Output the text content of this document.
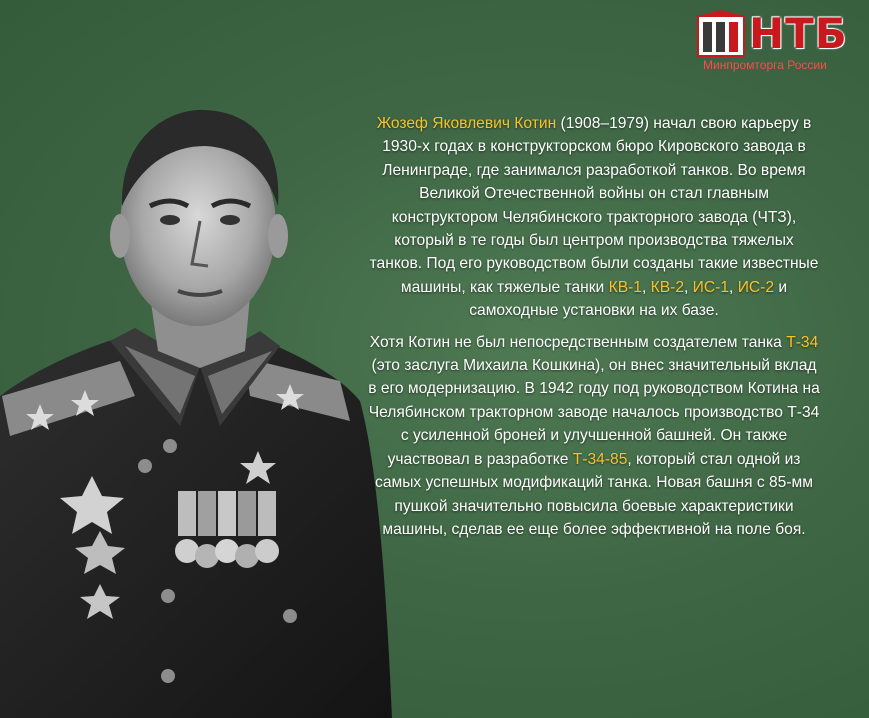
НТБ
Минпромторга России

Жозеф Яковлевич Котин (1908–1979) начал свою карьеру в 1930-х годах в конструкторском бюро Кировского завода в Ленинграде, где занимался разработкой танков. Во время Великой Отечественной войны он стал главным конструктором Челябинского тракторного завода (ЧТЗ), который в те годы был центром производства тяжелых танков. Под его руководством были созданы такие известные машины, как тяжелые танки КВ-1, КВ-2, ИС-1, ИС-2 и самоходные установки на их базе.

Хотя Котин не был непосредственным создателем танка Т-34 (это заслуга Михаила Кошкина), он внес значительный вклад в его модернизацию. В 1942 году под руководством Котина на Челябинском тракторном заводе началось производство Т-34 с усиленной броней и улучшенной башней. Он также участвовал в разработке Т-34-85, который стал одной из самых успешных модификаций танка. Новая башня с 85-мм пушкой значительно повысила боевые характеристики машины, сделав ее еще более эффективной на поле боя.
